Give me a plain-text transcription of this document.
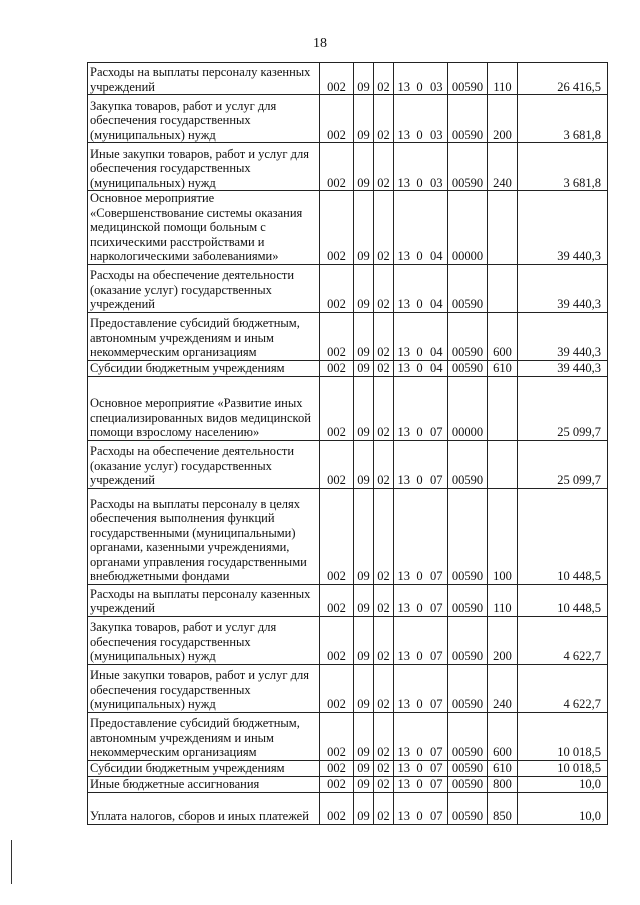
18
Расходы на выплаты персоналу казенных учреждений	002	09	02	13	0	03	00590	110	26 416,5
Закупка товаров, работ и услуг для обеспечения государственных (муниципальных) нужд	002	09	02	13	0	03	00590	200	3 681,8
Иные закупки товаров, работ и услуг для обеспечения государственных (муниципальных) нужд	002	09	02	13	0	03	00590	240	3 681,8
Основное мероприятие «Совершенствование системы оказания медицинской помощи больным с психическими расстройствами и наркологическими заболеваниями»	002	09	02	13	0	04	00000		39 440,3
Расходы на обеспечение деятельности (оказание услуг) государственных учреждений	002	09	02	13	0	04	00590		39 440,3
Предоставление субсидий бюджетным, автономным учреждениям и иным некоммерческим организациям	002	09	02	13	0	04	00590	600	39 440,3
Субсидии бюджетным учреждениям	002	09	02	13	0	04	00590	610	39 440,3
Основное мероприятие «Развитие иных специализированных видов медицинской помощи взрослому населению»	002	09	02	13	0	07	00000		25 099,7
Расходы на обеспечение деятельности (оказание услуг) государственных учреждений	002	09	02	13	0	07	00590		25 099,7
Расходы на выплаты персоналу в целях обеспечения выполнения функций государственными (муниципальными) органами, казенными учреждениями, органами управления государственными внебюджетными фондами	002	09	02	13	0	07	00590	100	10 448,5
Расходы на выплаты персоналу казенных учреждений	002	09	02	13	0	07	00590	110	10 448,5
Закупка товаров, работ и услуг для обеспечения государственных (муниципальных) нужд	002	09	02	13	0	07	00590	200	4 622,7
Иные закупки товаров, работ и услуг для обеспечения государственных (муниципальных) нужд	002	09	02	13	0	07	00590	240	4 622,7
Предоставление субсидий бюджетным, автономным учреждениям и иным некоммерческим организациям	002	09	02	13	0	07	00590	600	10 018,5
Субсидии бюджетным учреждениям	002	09	02	13	0	07	00590	610	10 018,5
Иные бюджетные ассигнования	002	09	02	13	0	07	00590	800	10,0
Уплата налогов, сборов и иных платежей	002	09	02	13	0	07	00590	850	10,0
